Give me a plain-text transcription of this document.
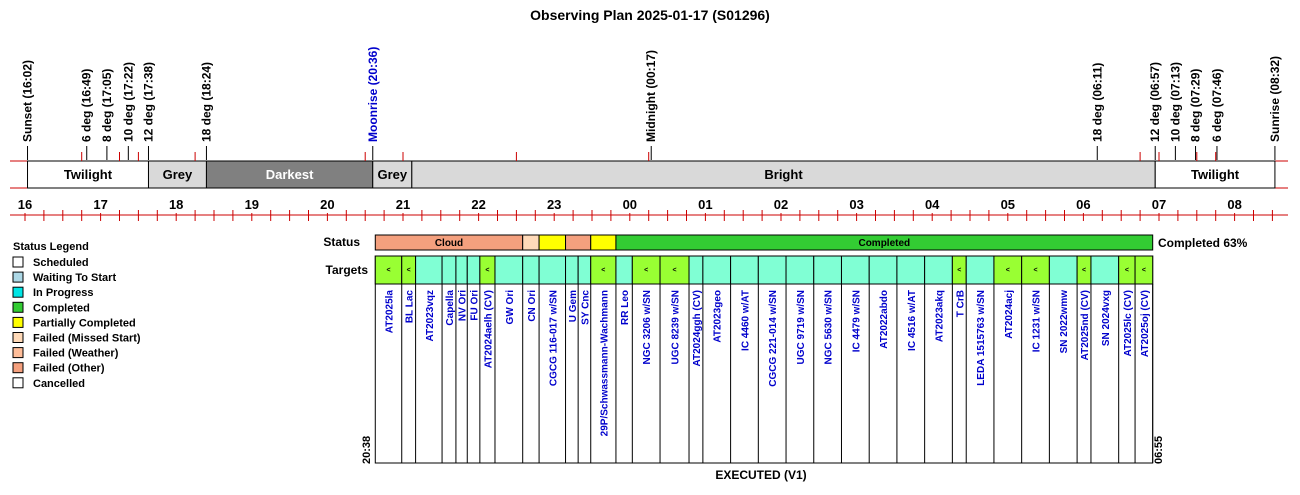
Observing Plan 2025-01-17 (S01296)
Sunset (16:02)	6 deg (16:49) 8 deg (17:05) 10 deg (17:22) 12 deg (17:38)	18 deg (18:24)	Moonrise (20:36)	Midnight (00:17)	18 deg (06:11)	12 deg (06:57) 10 deg (07:13) 8 deg (07:29) 6 deg (07:46)	Sunrise (08:32)
Twilight	Grey	Darkest	Grey	Bright	Twilight
16	17	18	19	20	21	22	23	00	01	02	03	04	05	06	07	08
Status Legend
Scheduled
Waiting To Start
In Progress
Completed
Partially Completed
Failed (Missed Start)
Failed (Weather)
Failed (Other)
Cancelled
Status	Completed 63%
Cloud	Completed
Targets	<
AT2025la
<
BL Lac AT2023vqz Capella NV Ori FU Ori
<
AT2024aelh (CV) GW Ori CN Ori CGCG 116-017 w/SN U Gem SY Cnc
<
29P/Schwassmann-Wachmann RR Leo
<
NGC 3206 w/SN
<
UGC 8239 w/SN AT2024ggh (CV) AT2023geo IC 4460 w/AT CGCG 221-014 w/SN UGC 9719 w/SN NGC 5630 w/SN IC 4479 w/SN AT2022abdo IC 4516 w/AT AT2023akq
<
T CrB LEDA 1515763 w/SN
<
AT2024acj
<
IC 1231 w/SN SN 2022wmw
<
AT2025nd (CV) SN 2024vxg
<
AT2025lc (CV)
<
AT2025oj (CV)
EXECUTED (V1)
20:38	06:55
